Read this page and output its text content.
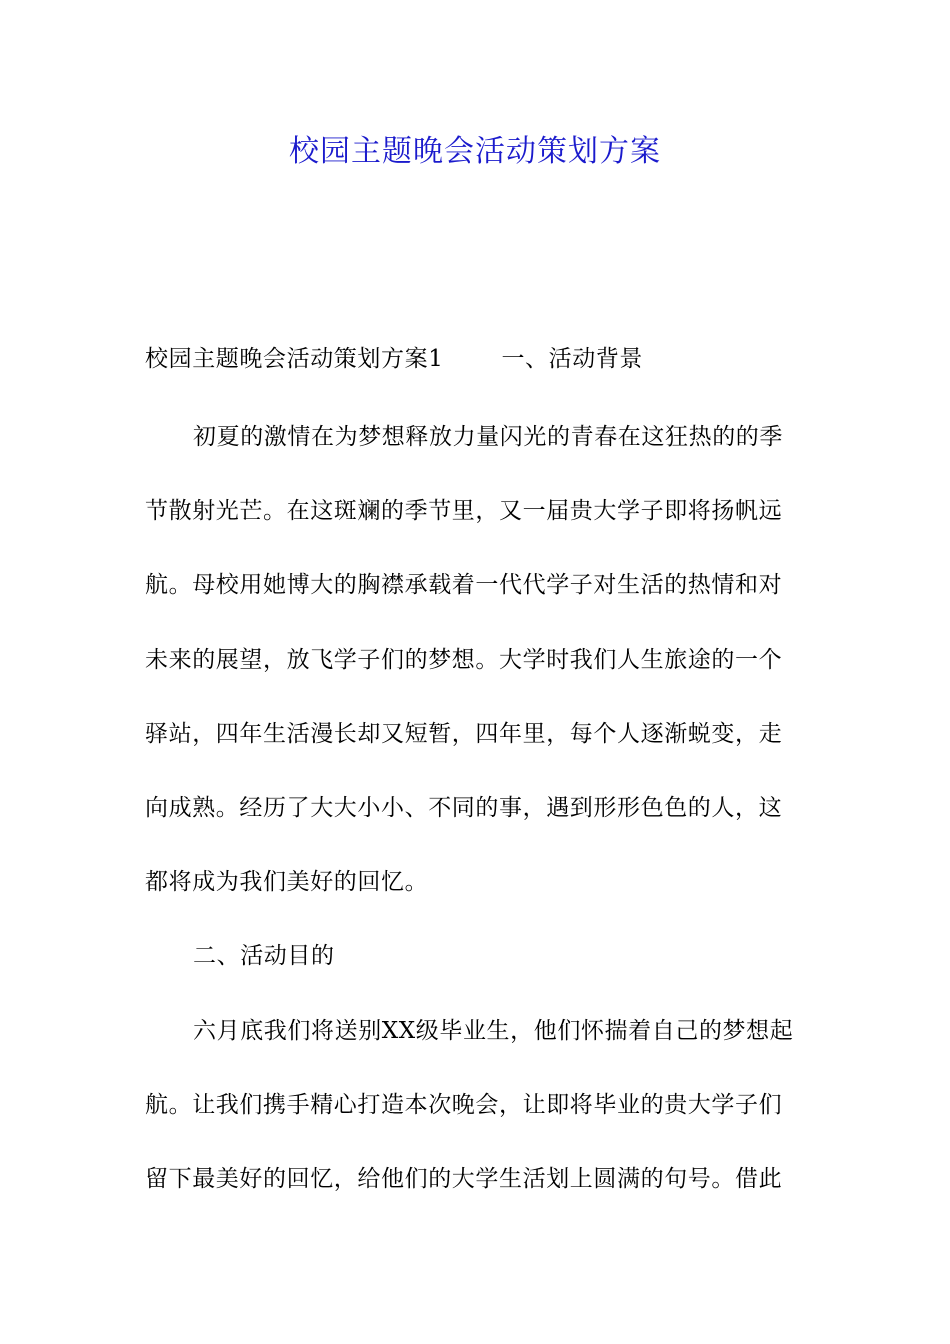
校园主题晚会活动策划方案
校园主题晚会活动策划方案1	一、活动背景
初夏的激情在为梦想释放力量闪光的青春在这狂热的的季
节散射光芒。在这斑斓的季节里，又一届贵大学子即将扬帆远
航。母校用她博大的胸襟承载着一代代学子对生活的热情和对
未来的展望，放飞学子们的梦想。大学时我们人生旅途的一个
驿站，四年生活漫长却又短暂，四年里，每个人逐渐蜕变，走
向成熟。经历了大大小小、不同的事，遇到形形色色的人，这
都将成为我们美好的回忆。
二、活动目的
六月底我们将送别XX级毕业生，他们怀揣着自己的梦想起
航。让我们携手精心打造本次晚会，让即将毕业的贵大学子们
留下最美好的回忆，给他们的大学生活划上圆满的句号。借此
